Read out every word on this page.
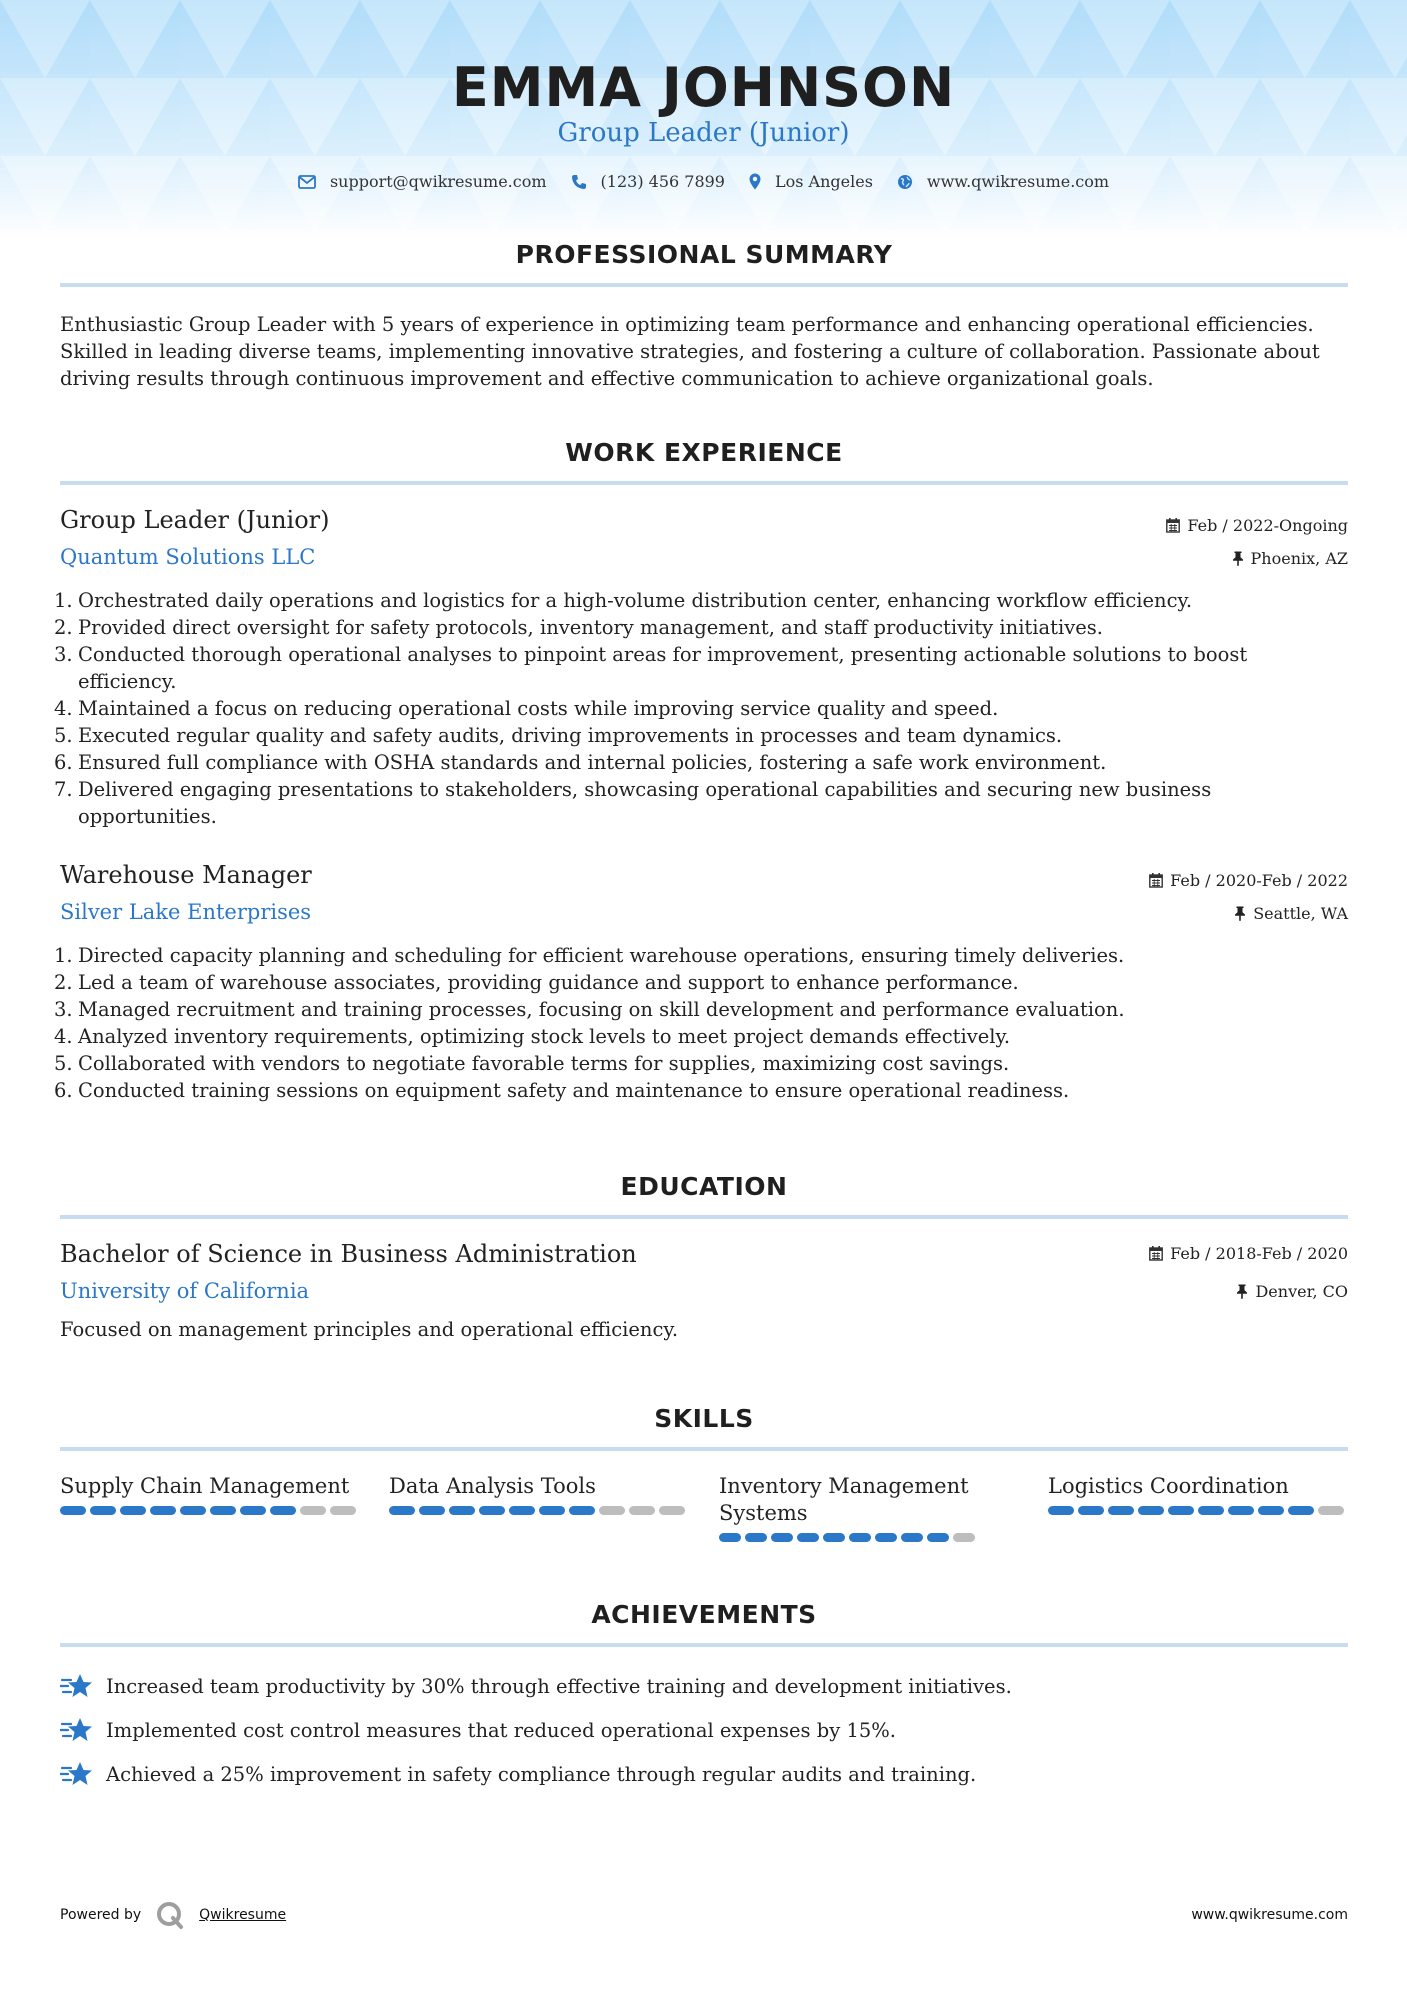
EMMA JOHNSON
Group Leader (Junior)
support@qwikresume.com	(123) 456 7899	Los Angeles	www.qwikresume.com
PROFESSIONAL SUMMARY
Enthusiastic Group Leader with 5 years of experience in optimizing team performance and enhancing operational efficiencies. Skilled in leading diverse teams, implementing innovative strategies, and fostering a culture of collaboration. Passionate about driving results through continuous improvement and effective communication to achieve organizational goals.
WORK EXPERIENCE
Group Leader (Junior)	Feb / 2022-Ongoing
Quantum Solutions LLC	Phoenix, AZ
1. Orchestrated daily operations and logistics for a high-volume distribution center, enhancing workflow efficiency.
2. Provided direct oversight for safety protocols, inventory management, and staff productivity initiatives.
3. Conducted thorough operational analyses to pinpoint areas for improvement, presenting actionable solutions to boost efficiency.
4. Maintained a focus on reducing operational costs while improving service quality and speed.
5. Executed regular quality and safety audits, driving improvements in processes and team dynamics.
6. Ensured full compliance with OSHA standards and internal policies, fostering a safe work environment.
7. Delivered engaging presentations to stakeholders, showcasing operational capabilities and securing new business opportunities.
Warehouse Manager	Feb / 2020-Feb / 2022
Silver Lake Enterprises	Seattle, WA
1. Directed capacity planning and scheduling for efficient warehouse operations, ensuring timely deliveries.
2. Led a team of warehouse associates, providing guidance and support to enhance performance.
3. Managed recruitment and training processes, focusing on skill development and performance evaluation.
4. Analyzed inventory requirements, optimizing stock levels to meet project demands effectively.
5. Collaborated with vendors to negotiate favorable terms for supplies, maximizing cost savings.
6. Conducted training sessions on equipment safety and maintenance to ensure operational readiness.
EDUCATION
Bachelor of Science in Business Administration	Feb / 2018-Feb / 2020
University of California	Denver, CO
Focused on management principles and operational efficiency.
SKILLS
Supply Chain Management	Data Analysis Tools	Inventory Management Systems
Logistics Coordination
ACHIEVEMENTS
Increased team productivity by 30% through effective training and development initiatives.
Implemented cost control measures that reduced operational expenses by 15%.
Achieved a 25% improvement in safety compliance through regular audits and training.
Powered by	Qwikresume	www.qwikresume.com
